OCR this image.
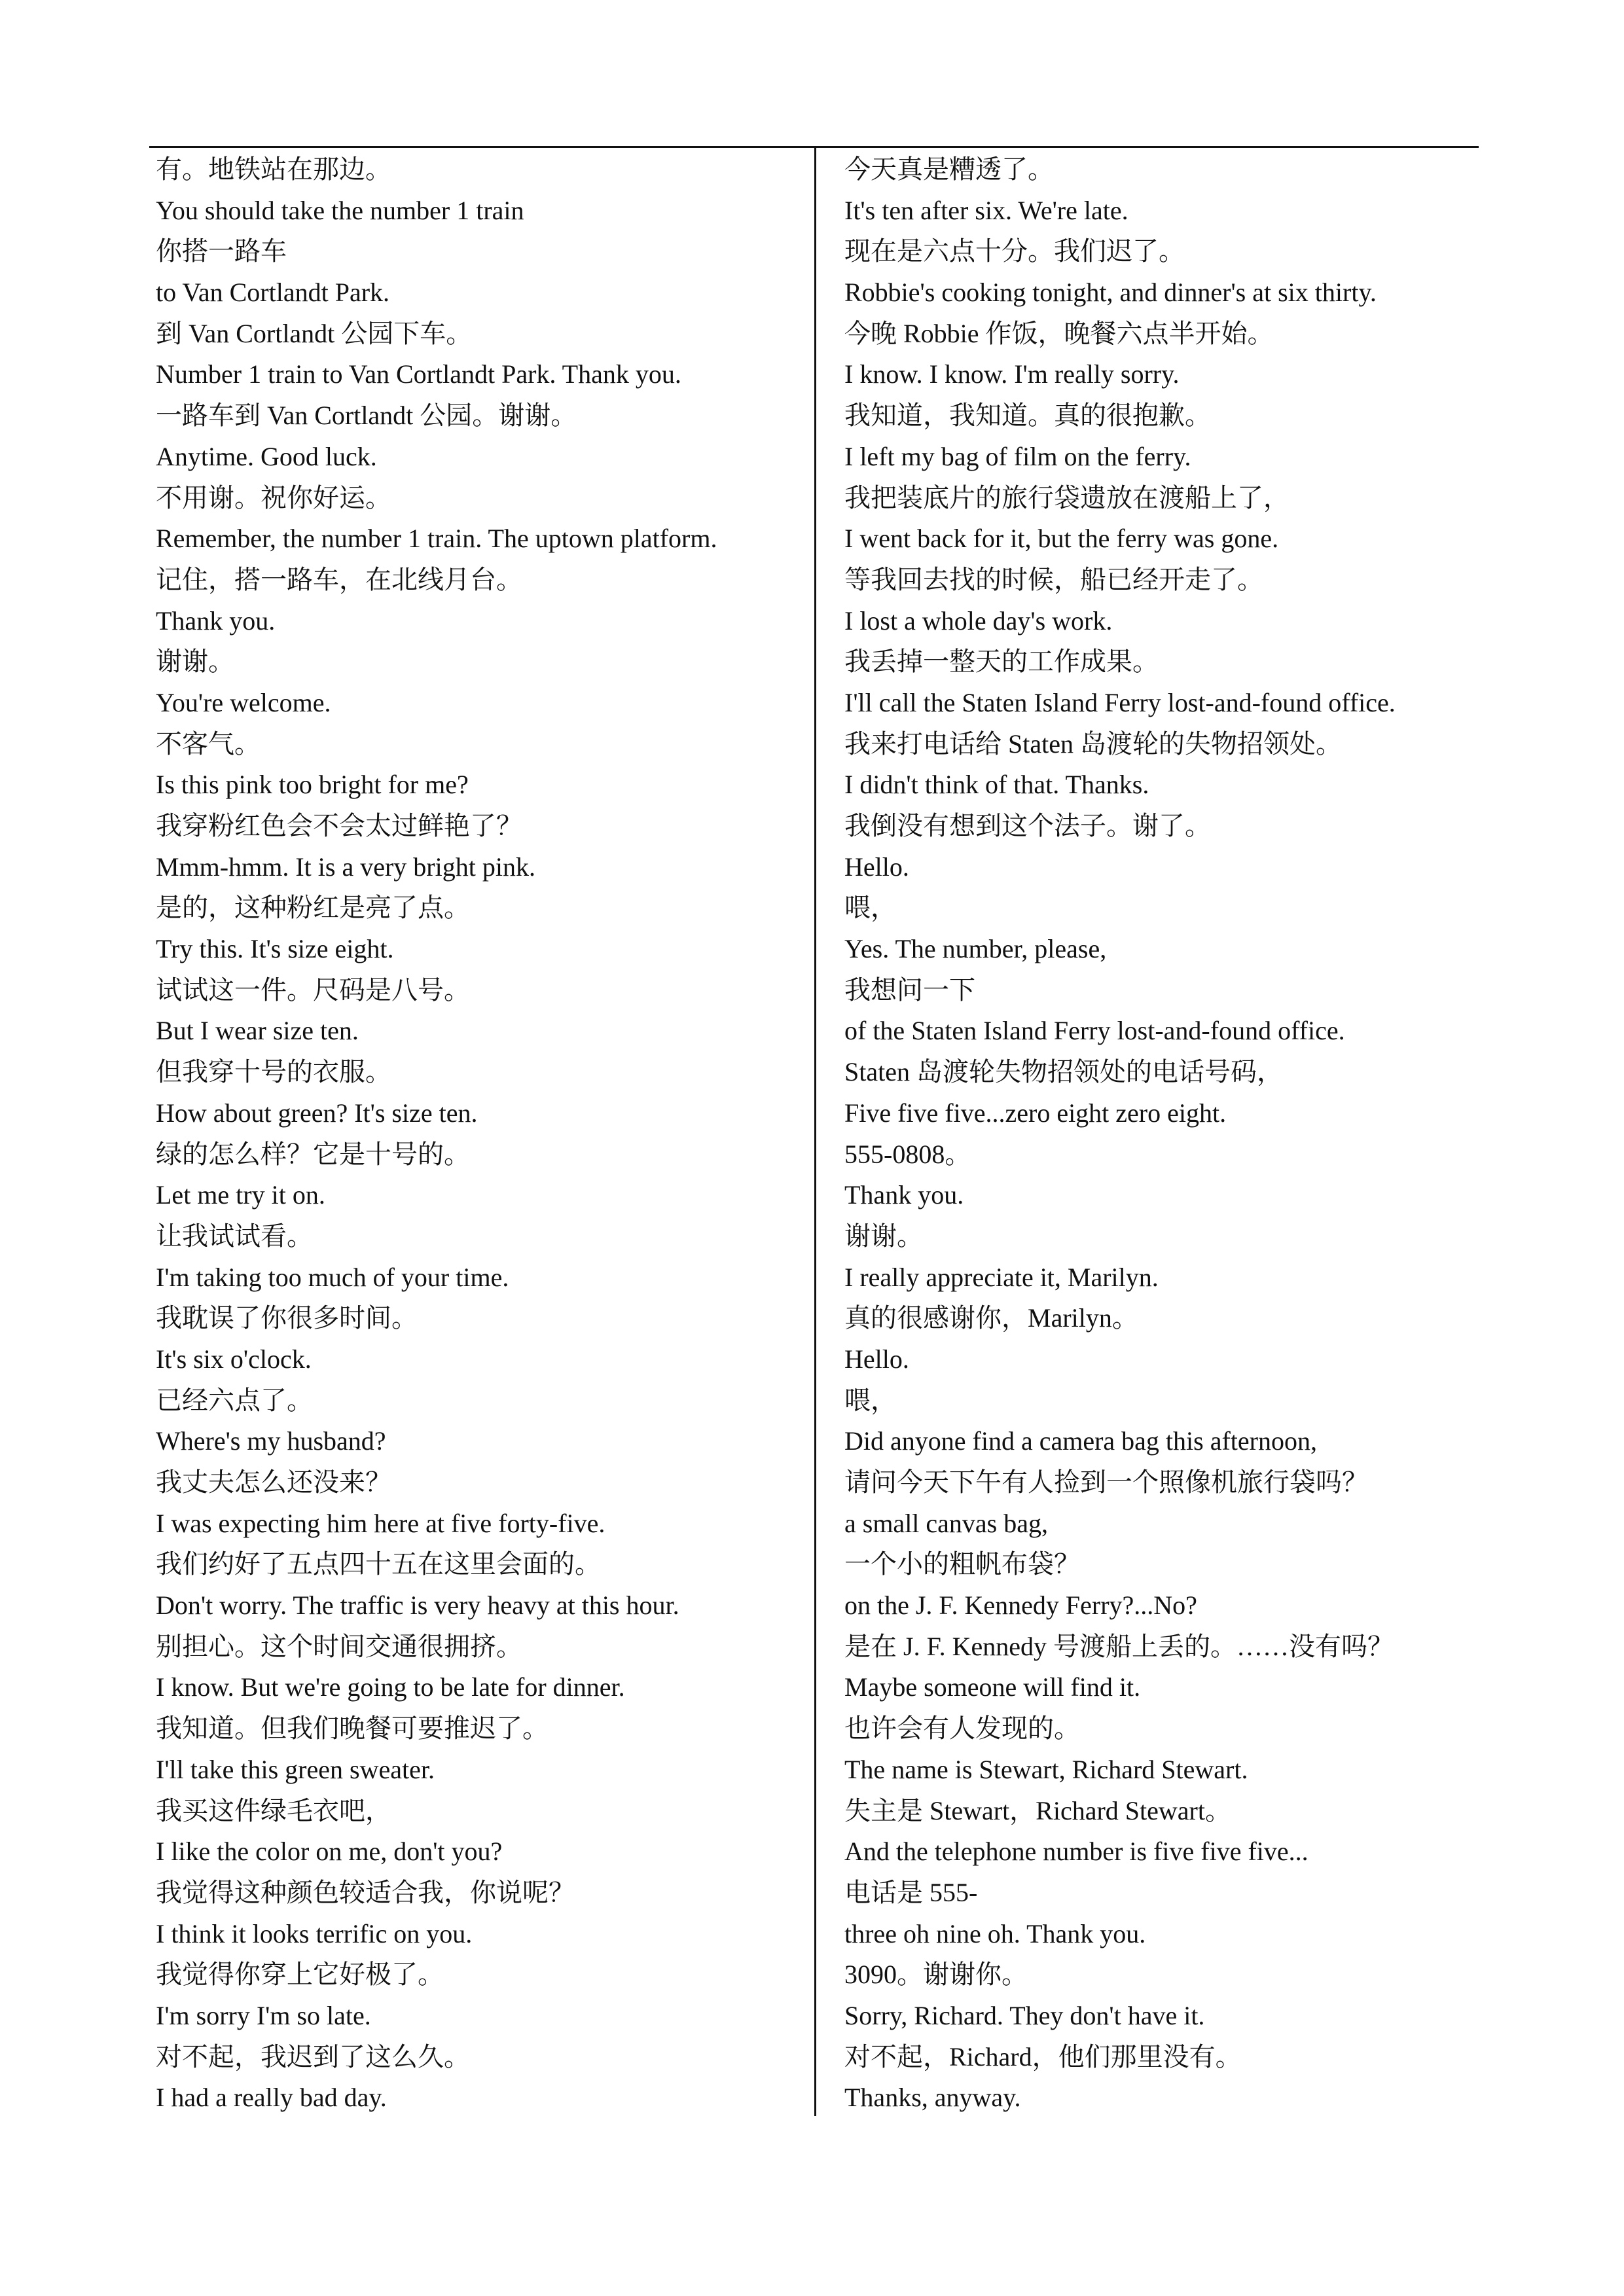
有。地铁站在那边。
You should take the number 1 train
你搭一路车
to Van Cortlandt Park.
到 Van Cortlandt 公园下车。
Number 1 train to Van Cortlandt Park. Thank you.
一路车到 Van Cortlandt 公园。谢谢。
Anytime. Good luck.
不用谢。祝你好运。
Remember, the number 1 train. The uptown platform.
记住，搭一路车，在北线月台。
Thank you.
谢谢。
You're welcome.
不客气。
Is this pink too bright for me?
我穿粉红色会不会太过鲜艳了？
Mmm-hmm. It is a very bright pink.
是的，这种粉红是亮了点。
Try this. It's size eight.
试试这一件。尺码是八号。
But I wear size ten.
但我穿十号的衣服。
How about green? It's size ten.
绿的怎么样？它是十号的。
Let me try it on.
让我试试看。
I'm taking too much of your time.
我耽误了你很多时间。
It's six o'clock.
已经六点了。
Where's my husband?
我丈夫怎么还没来？
I was expecting him here at five forty-five.
我们约好了五点四十五在这里会面的。
Don't worry. The traffic is very heavy at this hour.
别担心。这个时间交通很拥挤。
I know. But we're going to be late for dinner.
我知道。但我们晚餐可要推迟了。
I'll take this green sweater.
我买这件绿毛衣吧，
I like the color on me, don't you?
我觉得这种颜色较适合我，你说呢？
I think it looks terrific on you.
我觉得你穿上它好极了。
I'm sorry I'm so late.
对不起，我迟到了这么久。
I had a really bad day.
今天真是糟透了。
It's ten after six. We're late.
现在是六点十分。我们迟了。
Robbie's cooking tonight, and dinner's at six thirty.
今晚 Robbie 作饭，晚餐六点半开始。
I know. I know. I'm really sorry.
我知道，我知道。真的很抱歉。
I left my bag of film on the ferry.
我把装底片的旅行袋遗放在渡船上了，
I went back for it, but the ferry was gone.
等我回去找的时候，船已经开走了。
I lost a whole day's work.
我丢掉一整天的工作成果。
I'll call the Staten Island Ferry lost-and-found office.
我来打电话给 Staten 岛渡轮的失物招领处。
I didn't think of that. Thanks.
我倒没有想到这个法子。谢了。
Hello.
喂，
Yes. The number, please,
我想问一下
of the Staten Island Ferry lost-and-found office.
Staten 岛渡轮失物招领处的电话号码，
Five five five...zero eight zero eight.
555-0808。
Thank you.
谢谢。
I really appreciate it, Marilyn.
真的很感谢你，Marilyn。
Hello.
喂，
Did anyone find a camera bag this afternoon,
请问今天下午有人捡到一个照像机旅行袋吗？
a small canvas bag,
一个小的粗帆布袋？
on the J. F. Kennedy Ferry?...No?
是在 J. F. Kennedy 号渡船上丢的。……没有吗？
Maybe someone will find it.
也许会有人发现的。
The name is Stewart, Richard Stewart.
失主是 Stewart，Richard Stewart。
And the telephone number is five five five...
电话是 555-
three oh nine oh. Thank you.
3090。谢谢你。
Sorry, Richard. They don't have it.
对不起，Richard，他们那里没有。
Thanks, anyway.
